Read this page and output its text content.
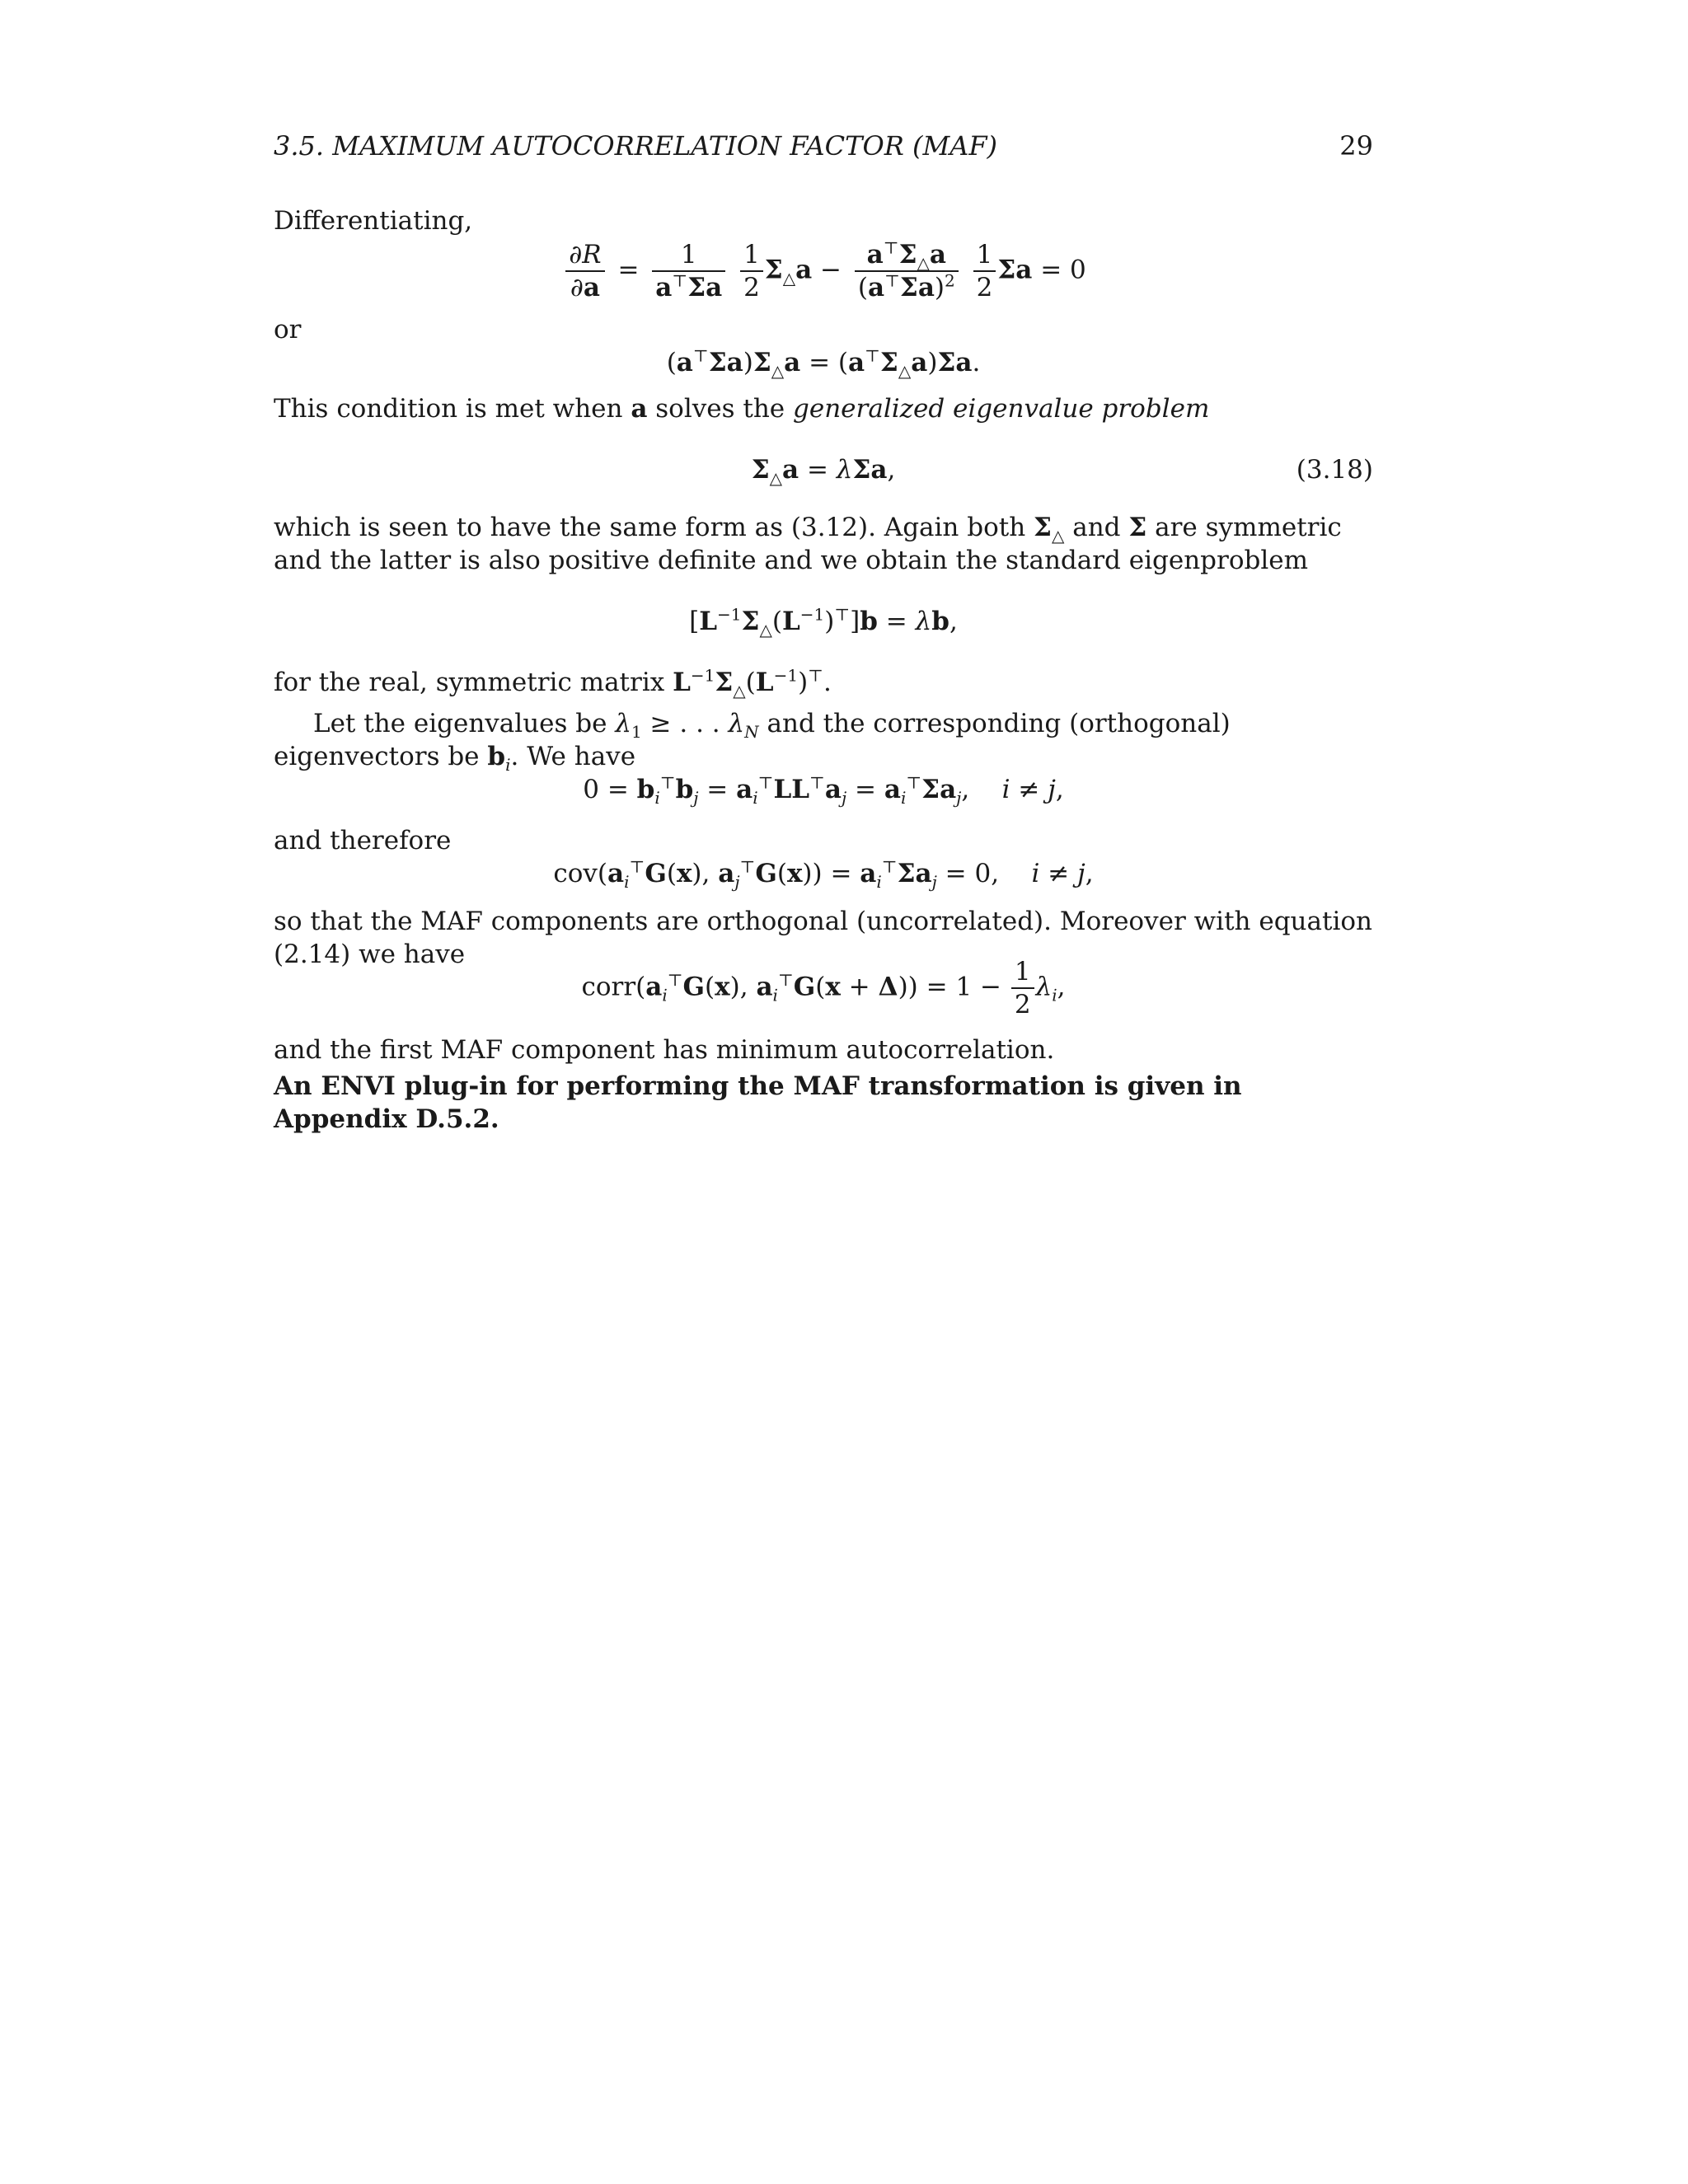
3.5. MAXIMUM AUTOCORRELATION FACTOR (MAF)	29
Differentiating,
$\frac{\partial R}{\partial a} = \frac{1}{a^⊤\Sigma a}$
$\frac{1}{2} \Sigma_\triangle a - \frac{a^⊤\Sigma_\triangle a}{(a^⊤\Sigma a)^2}$
$\frac{1}{2}$ Σa = 0
or
$(a^⊤\Sigma a)\Sigma_\triangle a = (a^⊤\Sigma_\triangle a)\Sigma a$.
This condition is met when a solves the generalized eigenvalue problem
$\Sigma_\triangle a = \lambda\Sigma a$,	(3.18)
which is seen to have the same form as (3.12). Again both $\Sigma_\triangle$ and Σ are symmetric and the latter is also positive definite and we obtain the standard eigenproblem
$[L^{-1}\Sigma_\triangle(L^{-1})^⊤]b = \lambda b$,
for the real, symmetric matrix $L^{-1}\Sigma_\triangle(L^{-1})^⊤$.
Let the eigenvalues be $\lambda_1$ ≥ . . . $\lambda_N$ and the corresponding (orthogonal) eigenvectors be $b_i$. We have
$0 = b_i^⊤b_j = a_i^⊤LL^⊤a_j = a_i^⊤\Sigma a_j$,    i ≠ j,
and therefore
$cov(a_i^⊤G(x)$, $a_j^⊤G(x)) = a_i^⊤\Sigma a_j = 0$,    i ≠ j,
so that the MAF components are orthogonal (uncorrelated). Moreover with equation (2.14) we have
$corr(a_i^⊤G(x)$, $a_i^⊤G(x + \Delta)) = 1 - \frac{1}{2} \lambda_i$,
and the first MAF component has minimum autocorrelation.
An ENVI plug-in for performing the MAF transformation is given in Appendix D.5.2.
